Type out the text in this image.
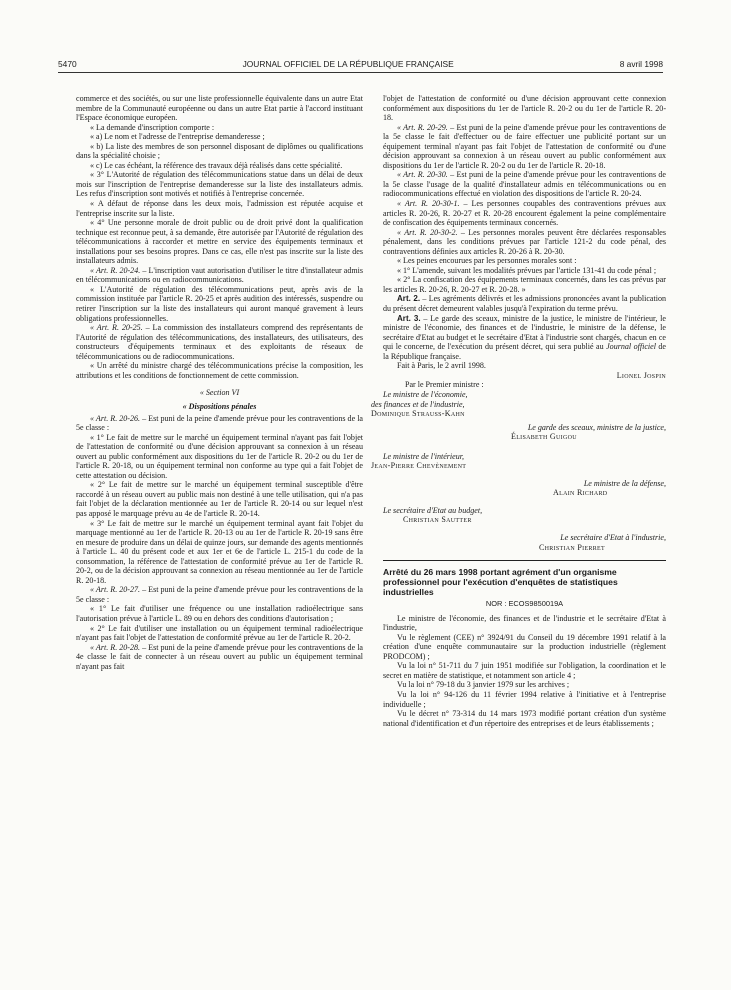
5470	JOURNAL OFFICIEL DE LA RÉPUBLIQUE FRANÇAISE	8 avril 1998

commerce et des sociétés, ou sur une liste professionnelle équivalente dans un autre Etat membre de la Communauté européenne ou dans un autre Etat partie à l'accord instituant l'Espace économique européen.

« La demande d'inscription comporte :

« a) Le nom et l'adresse de l'entreprise demanderesse ;

« b) La liste des membres de son personnel disposant de diplômes ou qualifications dans la spécialité choisie ;

« c) Le cas échéant, la référence des travaux déjà réalisés dans cette spécialité.

« 3° L'Autorité de régulation des télécommunications statue dans un délai de deux mois sur l'inscription de l'entreprise demanderesse sur la liste des installateurs admis. Les refus d'inscription sont motivés et notifiés à l'entreprise concernée.

« A défaut de réponse dans les deux mois, l'admission est réputée acquise et l'entreprise inscrite sur la liste.

« 4° Une personne morale de droit public ou de droit privé dont la qualification technique est reconnue peut, à sa demande, être autorisée par l'Autorité de régulation des télécommunications à raccorder et mettre en service des équipements terminaux et installations pour ses besoins propres. Dans ce cas, elle n'est pas inscrite sur la liste des installateurs admis.

« Art. R. 20-24. – L'inscription vaut autorisation d'utiliser le titre d'installateur admis en télécommunications ou en radiocommunications.

« L'Autorité de régulation des télécommunications peut, après avis de la commission instituée par l'article R. 20-25 et après audition des intéressés, suspendre ou retirer l'inscription sur la liste des installateurs qui auront manqué gravement à leurs obligations professionnelles.

« Art. R. 20-25. – La commission des installateurs comprend des représentants de l'Autorité de régulation des télécommunications, des installateurs, des utilisateurs, des constructeurs d'équipements terminaux et des exploitants de réseaux de télécommunications ou de radiocommunications.

« Un arrêté du ministre chargé des télécommunications précise la composition, les attributions et les conditions de fonctionnement de cette commission.

« Section VI

« Dispositions pénales

« Art. R. 20-26. – Est puni de la peine d'amende prévue pour les contraventions de la 5e classe :

« 1° Le fait de mettre sur le marché un équipement terminal n'ayant pas fait l'objet de l'attestation de conformité ou d'une décision approuvant sa connexion à un réseau ouvert au public conformément aux dispositions du 1er de l'article R. 20-2 ou du 1er de l'article R. 20-18, ou un équipement terminal non conforme au type qui a fait l'objet de cette attestation ou décision.

« 2° Le fait de mettre sur le marché un équipement terminal susceptible d'être raccordé à un réseau ouvert au public mais non destiné à une telle utilisation, qui n'a pas fait l'objet de la déclaration mentionnée au 1er de l'article R. 20-14 ou sur lequel n'est pas apposé le marquage prévu au 4e de l'article R. 20-14.

« 3° Le fait de mettre sur le marché un équipement terminal ayant fait l'objet du marquage mentionné au 1er de l'article R. 20-13 ou au 1er de l'article R. 20-19 sans être en mesure de produire dans un délai de quinze jours, sur demande des agents mentionnés à l'article L. 40 du présent code et aux 1er et 6e de l'article L. 215-1 du code de la consommation, la référence de l'attestation de conformité prévue au 1er de l'article R. 20-2, ou de la décision approuvant sa connexion au réseau mentionnée au 1er de l'article R. 20-18.

« Art. R. 20-27. – Est puni de la peine d'amende prévue pour les contraventions de la 5e classe :

« 1° Le fait d'utiliser une fréquence ou une installation radioélectrique sans l'autorisation prévue à l'article L. 89 ou en dehors des conditions d'autorisation ;

« 2° Le fait d'utiliser une installation ou un équipement terminal radioélectrique n'ayant pas fait l'objet de l'attestation de conformité prévue au 1er de l'article R. 20-2.

« Art. R. 20-28. – Est puni de la peine d'amende prévue pour les contraventions de la 4e classe le fait de connecter à un réseau ouvert au public un équipement terminal n'ayant pas fait

l'objet de l'attestation de conformité ou d'une décision approuvant cette connexion conformément aux dispositions du 1er de l'article R. 20-2 ou du 1er de l'article R. 20-18.

« Art. R. 20-29. – Est puni de la peine d'amende prévue pour les contraventions de la 5e classe le fait d'effectuer ou de faire effectuer une publicité portant sur un équipement terminal n'ayant pas fait l'objet de l'attestation de conformité ou d'une décision approuvant sa connexion à un réseau ouvert au public conformément aux dispositions du 1er de l'article R. 20-2 ou du 1er de l'article R. 20-18.

« Art. R. 20-30. – Est puni de la peine d'amende prévue pour les contraventions de la 5e classe l'usage de la qualité d'installateur admis en télécommunications ou en radiocommunications effectué en violation des dispositions de l'article R. 20-24.

« Art. R. 20-30-1. – Les personnes coupables des contraventions prévues aux articles R. 20-26, R. 20-27 et R. 20-28 encourent également la peine complémentaire de confiscation des équipements terminaux concernés.

« Art. R. 20-30-2. – Les personnes morales peuvent être déclarées responsables pénalement, dans les conditions prévues par l'article 121-2 du code pénal, des contraventions définies aux articles R. 20-26 à R. 20-30.

« Les peines encourues par les personnes morales sont :

« 1° L'amende, suivant les modalités prévues par l'article 131-41 du code pénal ;

« 2° La confiscation des équipements terminaux concernés, dans les cas prévus par les articles R. 20-26, R. 20-27 et R. 20-28. »

Art. 2. – Les agréments délivrés et les admissions prononcées avant la publication du présent décret demeurent valables jusqu'à l'expiration du terme prévu.

Art. 3. – Le garde des sceaux, ministre de la justice, le ministre de l'intérieur, le ministre de l'économie, des finances et de l'industrie, le ministre de la défense, le secrétaire d'Etat au budget et le secrétaire d'Etat à l'industrie sont chargés, chacun en ce qui le concerne, de l'exécution du présent décret, qui sera publié au Journal officiel de la République française.

Fait à Paris, le 2 avril 1998.

Lionel Jospin

Par le Premier ministre :

Le ministre de l'économie,

des finances et de l'industrie,

Dominique Strauss-Kahn

Le garde des sceaux, ministre de la justice,

Élisabeth Guigou

Le ministre de l'intérieur,

Jean-Pierre Chevènement

Le ministre de la défense,

Alain Richard

Le secrétaire d'Etat au budget,

Christian Sautter

Le secrétaire d'Etat à l'industrie,

Christian Pierret

Arrêté du 26 mars 1998 portant agrément d'un organisme professionnel pour l'exécution d'enquêtes de statistiques industrielles

NOR : ECOS9850019A

Le ministre de l'économie, des finances et de l'industrie et le secrétaire d'Etat à l'industrie,

Vu le règlement (CEE) n° 3924/91 du Conseil du 19 décembre 1991 relatif à la création d'une enquête communautaire sur la production industrielle (règlement PRODCOM) ;

Vu la loi n° 51-711 du 7 juin 1951 modifiée sur l'obligation, la coordination et le secret en matière de statistique, et notamment son article 4 ;

Vu la loi n° 79-18 du 3 janvier 1979 sur les archives ;

Vu la loi n° 94-126 du 11 février 1994 relative à l'initiative et à l'entreprise individuelle ;

Vu le décret n° 73-314 du 14 mars 1973 modifié portant création d'un système national d'identification et d'un répertoire des entreprises et de leurs établissements ;
